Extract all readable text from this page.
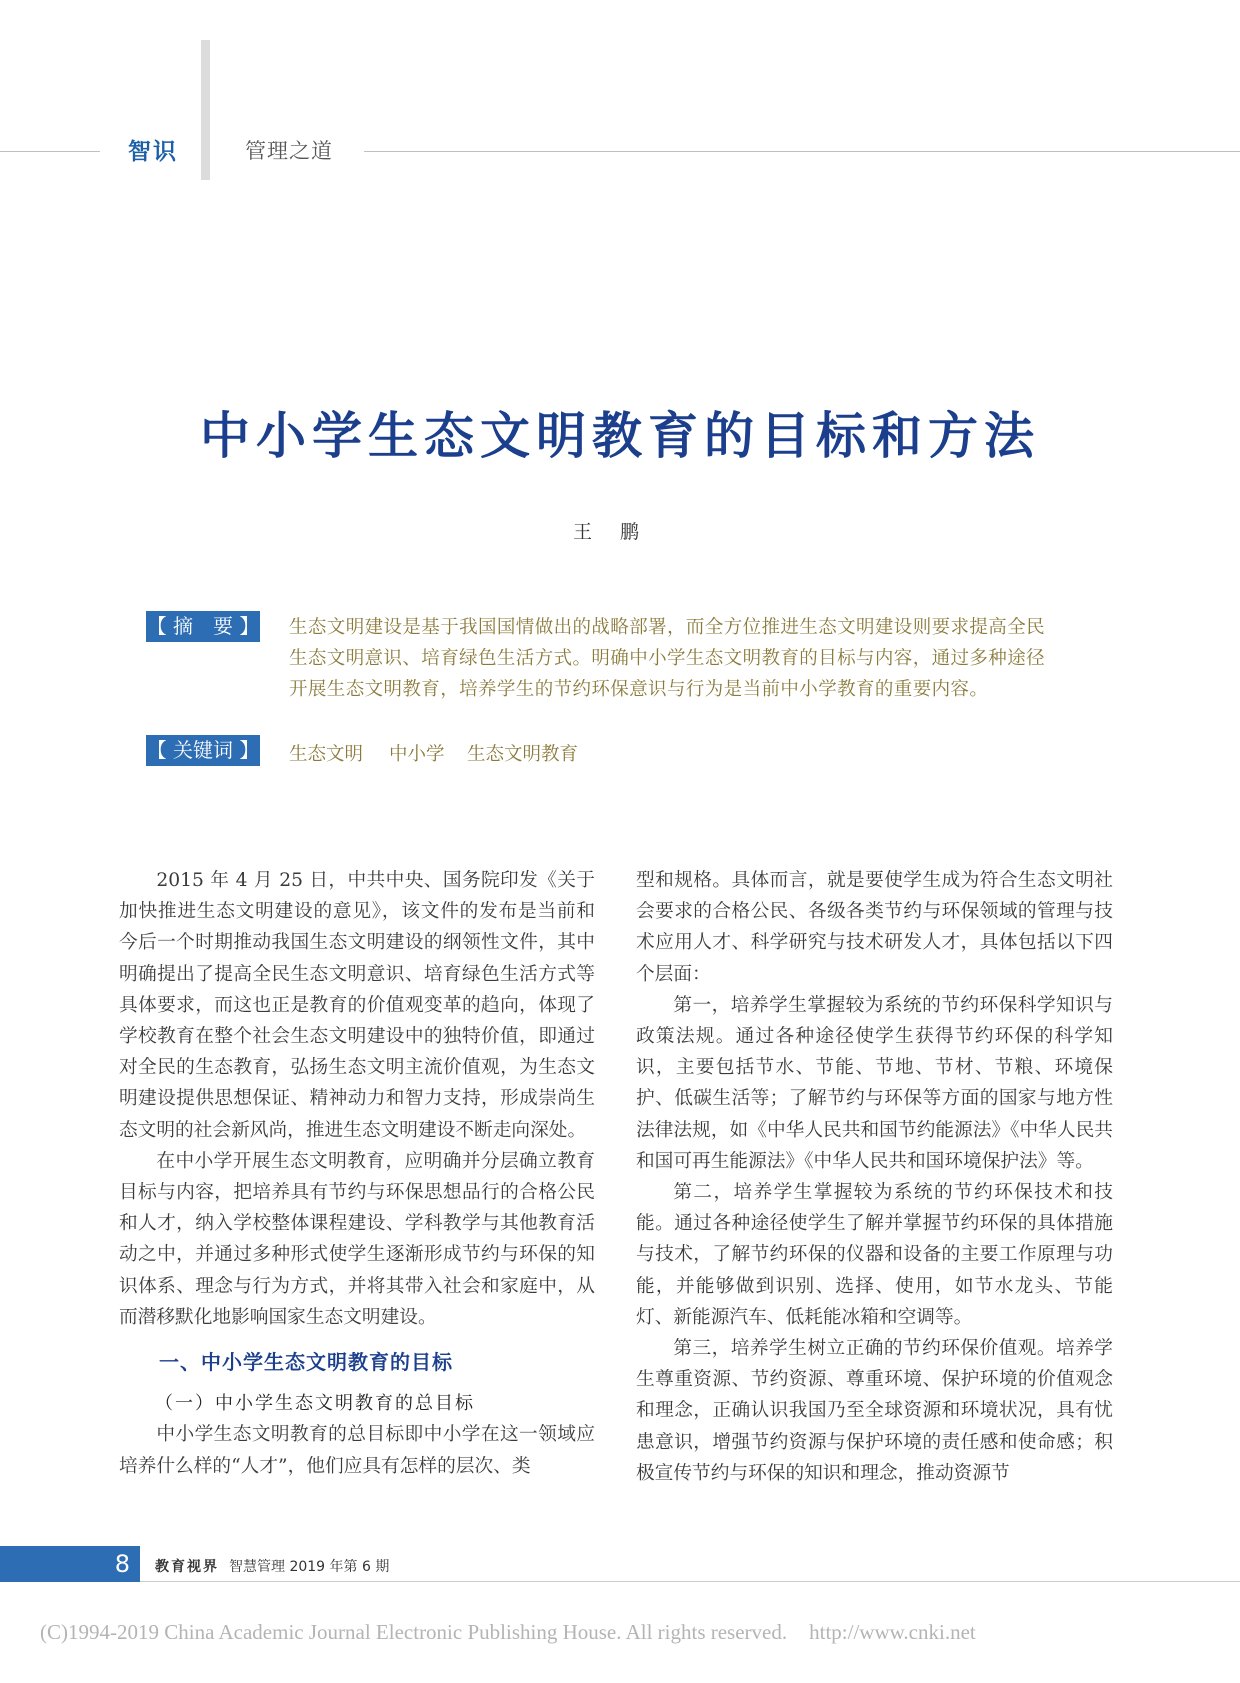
智识	管理之道
中小学生态文明教育的目标和方法
王鹏
【 摘　要 】 生态文明建设是基于我国国情做出的战略部署，而全方位推进生态文明建设则要求提高全民
生态文明意识、培育绿色生活方式。明确中小学生态文明教育的目标与内容，通过多种途径
开展生态文明教育，培养学生的节约环保意识与行为是当前中小学教育的重要内容。
【 关键词 】 生态文明 中小学 生态文明教育

2015 年 4 月 25 日，中共中央、国务院印发《关于加快推进生态文明建设的意见》，该文件的发布是当前和今后一个时期推动我国生态文明建设的纲领性文件，其中明确提出了提高全民生态文明意识、培育绿色生活方式等具体要求，而这也正是教育的价值观变革的趋向，体现了学校教育在整个社会生态文明建设中的独特价值，即通过对全民的生态教育，弘扬生态文明主流价值观，为生态文明建设提供思想保证、精神动力和智力支持，形成崇尚生态文明的社会新风尚，推进生态文明建设不断走向深处。

在中小学开展生态文明教育，应明确并分层确立教育目标与内容，把培养具有节约与环保思想品行的合格公民和人才，纳入学校整体课程建设、学科教学与其他教育活动之中，并通过多种形式使学生逐渐形成节约与环保的知识体系、理念与行为方式，并将其带入社会和家庭中，从而潜移默化地影响国家生态文明建设。

一、中小学生态文明教育的目标
（一）中小学生态文明教育的总目标

中小学生态文明教育的总目标即中小学在这一领域应培养什么样的“人才”，他们应具有怎样的层次、类

型和规格。具体而言，就是要使学生成为符合生态文明社会要求的合格公民、各级各类节约与环保领域的管理与技术应用人才、科学研究与技术研发人才，具体包括以下四个层面：

第一，培养学生掌握较为系统的节约环保科学知识与政策法规。通过各种途径使学生获得节约环保的科学知识，主要包括节水、节能、节地、节材、节粮、环境保护、低碳生活等；了解节约与环保等方面的国家与地方性法律法规，如《中华人民共和国节约能源法》《中华人民共和国可再生能源法》《中华人民共和国环境保护法》等。

第二，培养学生掌握较为系统的节约环保技术和技能。通过各种途径使学生了解并掌握节约环保的具体措施与技术，了解节约环保的仪器和设备的主要工作原理与功能，并能够做到识别、选择、使用，如节水龙头、节能灯、新能源汽车、低耗能冰箱和空调等。

第三，培养学生树立正确的节约环保价值观。培养学生尊重资源、节约资源、尊重环境、保护环境的价值观念和理念，正确认识我国乃至全球资源和环境状况，具有忧患意识，增强节约资源与保护环境的责任感和使命感；积极宣传节约与环保的知识和理念，推动资源节

8	教育视界 智慧管理 2019 年第 6 期
(C)1994-2019 China Academic Journal Electronic Publishing House. All rights reserved. http://www.cnki.net
